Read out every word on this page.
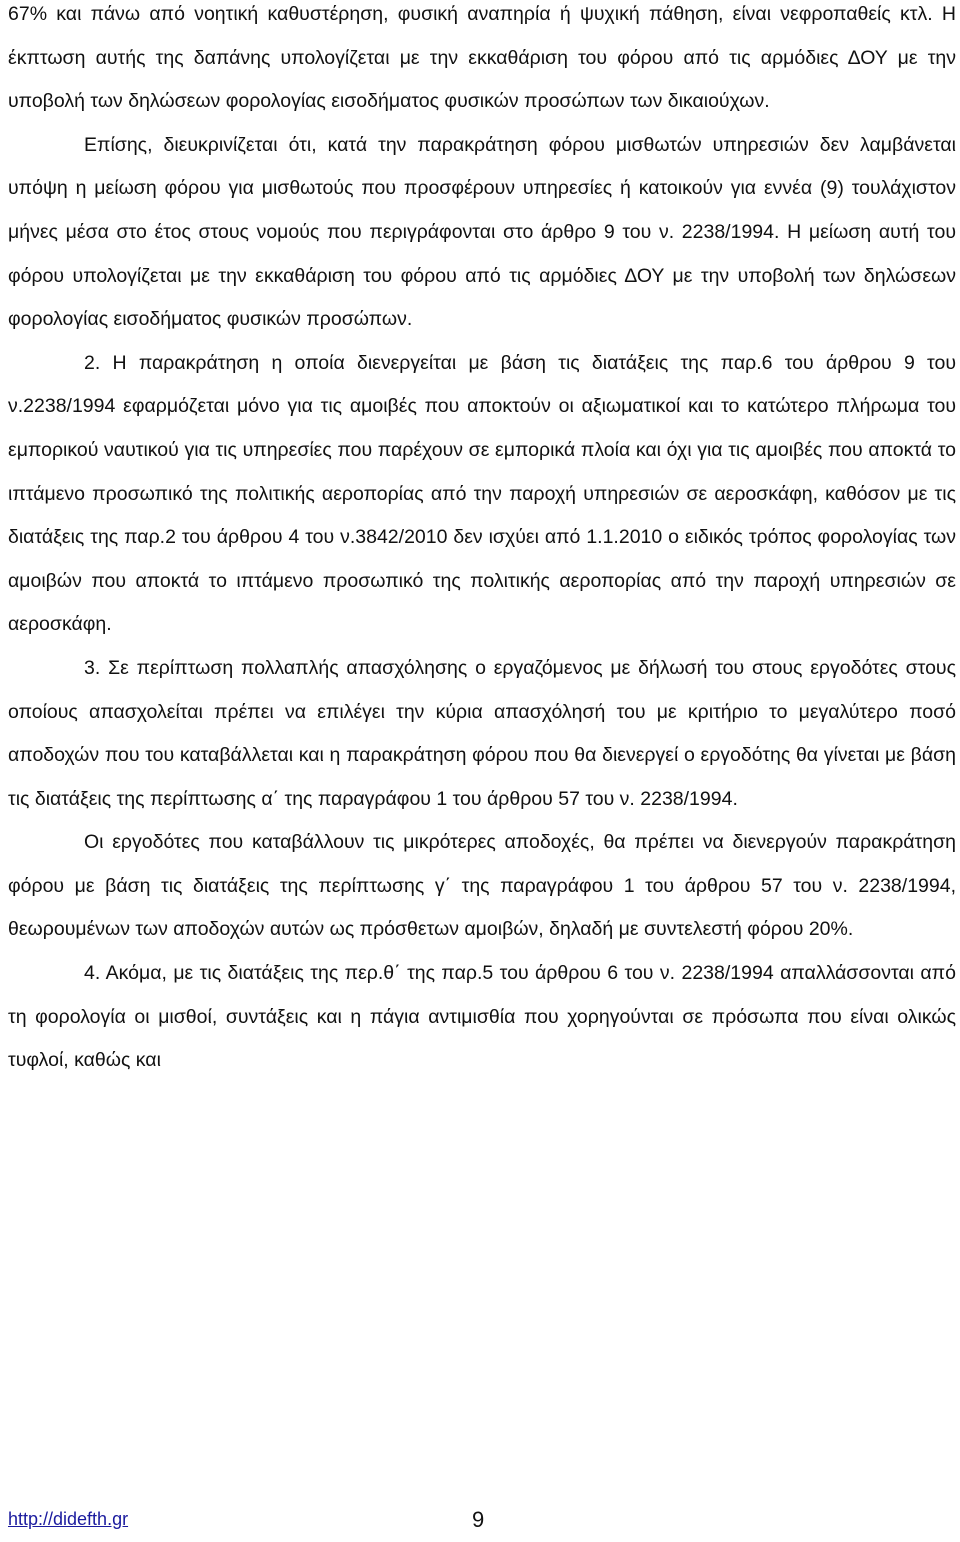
67% και πάνω από νοητική καθυστέρηση, φυσική αναπηρία ή ψυχική πάθηση, είναι νεφροπαθείς κτλ. Η έκπτωση αυτής της δαπάνης υπολογίζεται με την εκκαθάριση του φόρου από τις αρμόδιες ΔΟΥ με την υποβολή των δηλώσεων φορολογίας εισοδήματος φυσικών προσώπων των δικαιούχων.

Επίσης, διευκρινίζεται ότι, κατά την παρακράτηση φόρου μισθωτών υπηρεσιών δεν λαμβάνεται υπόψη η μείωση φόρου για μισθωτούς που προσφέρουν υπηρεσίες ή κατοικούν για εννέα (9) τουλάχιστον μήνες μέσα στο έτος στους νομούς που περιγράφονται στο άρθρο 9 του ν. 2238/1994. Η μείωση αυτή του φόρου υπολογίζεται με την εκκαθάριση του φόρου από τις αρμόδιες ΔΟΥ με την υποβολή των δηλώσεων φορολογίας εισοδήματος φυσικών προσώπων.

2. Η παρακράτηση η οποία διενεργείται με βάση τις διατάξεις της παρ.6 του άρθρου 9 του ν.2238/1994 εφαρμόζεται μόνο για τις αμοιβές που αποκτούν οι αξιωματικοί και το κατώτερο πλήρωμα του εμπορικού ναυτικού για τις υπηρεσίες που παρέχουν σε εμπορικά πλοία και όχι για τις αμοιβές που αποκτά το ιπτάμενο προσωπικό της πολιτικής αεροπορίας από την παροχή υπηρεσιών σε αεροσκάφη, καθόσον με τις διατάξεις της παρ.2 του άρθρου 4 του ν.3842/2010 δεν ισχύει από 1.1.2010 ο ειδικός τρόπος φορολογίας των αμοιβών που αποκτά το ιπτάμενο προσωπικό της πολιτικής αεροπορίας από την παροχή υπηρεσιών σε αεροσκάφη.

3. Σε περίπτωση πολλαπλής απασχόλησης ο εργαζόμενος με δήλωσή του στους εργοδότες στους οποίους απασχολείται πρέπει να επιλέγει την κύρια απασχόλησή του με κριτήριο το μεγαλύτερο ποσό αποδοχών που του καταβάλλεται και η παρακράτηση φόρου που θα διενεργεί ο εργοδότης θα γίνεται με βάση τις διατάξεις της περίπτωσης α΄ της παραγράφου 1 του άρθρου 57 του ν. 2238/1994.

Οι εργοδότες που καταβάλλουν τις μικρότερες αποδοχές, θα πρέπει να διενεργούν παρακράτηση φόρου με βάση τις διατάξεις της περίπτωσης γ΄ της παραγράφου 1 του άρθρου 57 του ν. 2238/1994, θεωρουμένων των αποδοχών αυτών ως πρόσθετων αμοιβών, δηλαδή με συντελεστή φόρου 20%.

4. Ακόμα, με τις διατάξεις της περ.θ΄ της παρ.5 του άρθρου 6 του ν. 2238/1994 απαλλάσσονται από τη φορολογία οι μισθοί, συντάξεις και η πάγια αντιμισθία που χορηγούνται σε πρόσωπα που είναι ολικώς τυφλοί, καθώς και

http://didefth.gr	9
